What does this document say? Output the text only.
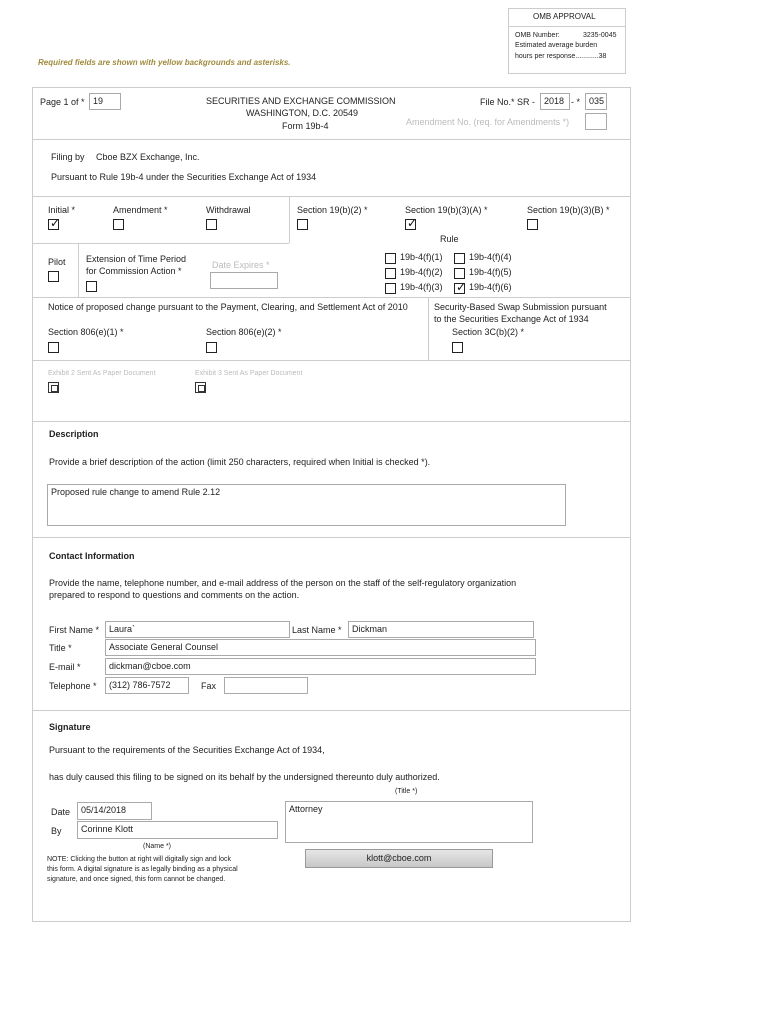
OMB APPROVAL
OMB Number:	3235-0045
Estimated average burden
hours per response............38
Required fields are shown with yellow backgrounds and asterisks.
Page 1 of * 19	SECURITIES AND EXCHANGE COMMISSION
WASHINGTON, D.C. 20549
Form 19b-4
File No.* SR - 2018 - *	035
Amendment No. (req. for Amendments *)
Filing by Cboe BZX Exchange, Inc.
Pursuant to Rule 19b-4 under the Securities Exchange Act of 1934
Initial *
✓	Amendment *	Withdrawal	Section 19(b)(2) *	Section 19(b)(3)(A) *
✓	Section 19(b)(3)(B) *
Pilot Extension of Time Period
for Commission Action *
Date Expires *
Rule
19b-4(f)(1)	19b-4(f)(4)
19b-4(f)(2)	19b-4(f)(5)
19b-4(f)(3)
✓	19b-4(f)(6)
Notice of proposed change pursuant to the Payment, Clearing, and Settlement Act of 2010
Section 806(e)(1) *	Section 806(e)(2) *
Security-Based Swap Submission pursuant
to the Securities Exchange Act of 1934
Section 3C(b)(2) *
Exhibit 2 Sent As Paper Document	Exhibit 3 Sent As Paper Document
Description
Provide a brief description of the action (limit 250 characters, required when Initial is checked *).
Proposed rule change to amend Rule 2.12
Contact Information
Provide the name, telephone number, and e-mail address of the person on the staff of the self-regulatory organization
prepared to respond to questions and comments on the action.
First Name *	Laura`	Last Name *	Dickman
Title *	Associate General Counsel
E-mail *	dickman@cboe.com
Telephone *	(312) 786-7572	Fax
Signature
Pursuant to the requirements of the Securities Exchange Act of 1934,
has duly caused this filing to be signed on its behalf by the undersigned thereunto duly authorized.
(Title *)
Date	05/14/2018	Attorney
By	Corinne Klott
(Name *)
klott@cboe.com
NOTE: Clicking the button at right will digitally sign and lock
this form. A digital signature is as legally binding as a physical
signature, and once signed, this form cannot be changed.
